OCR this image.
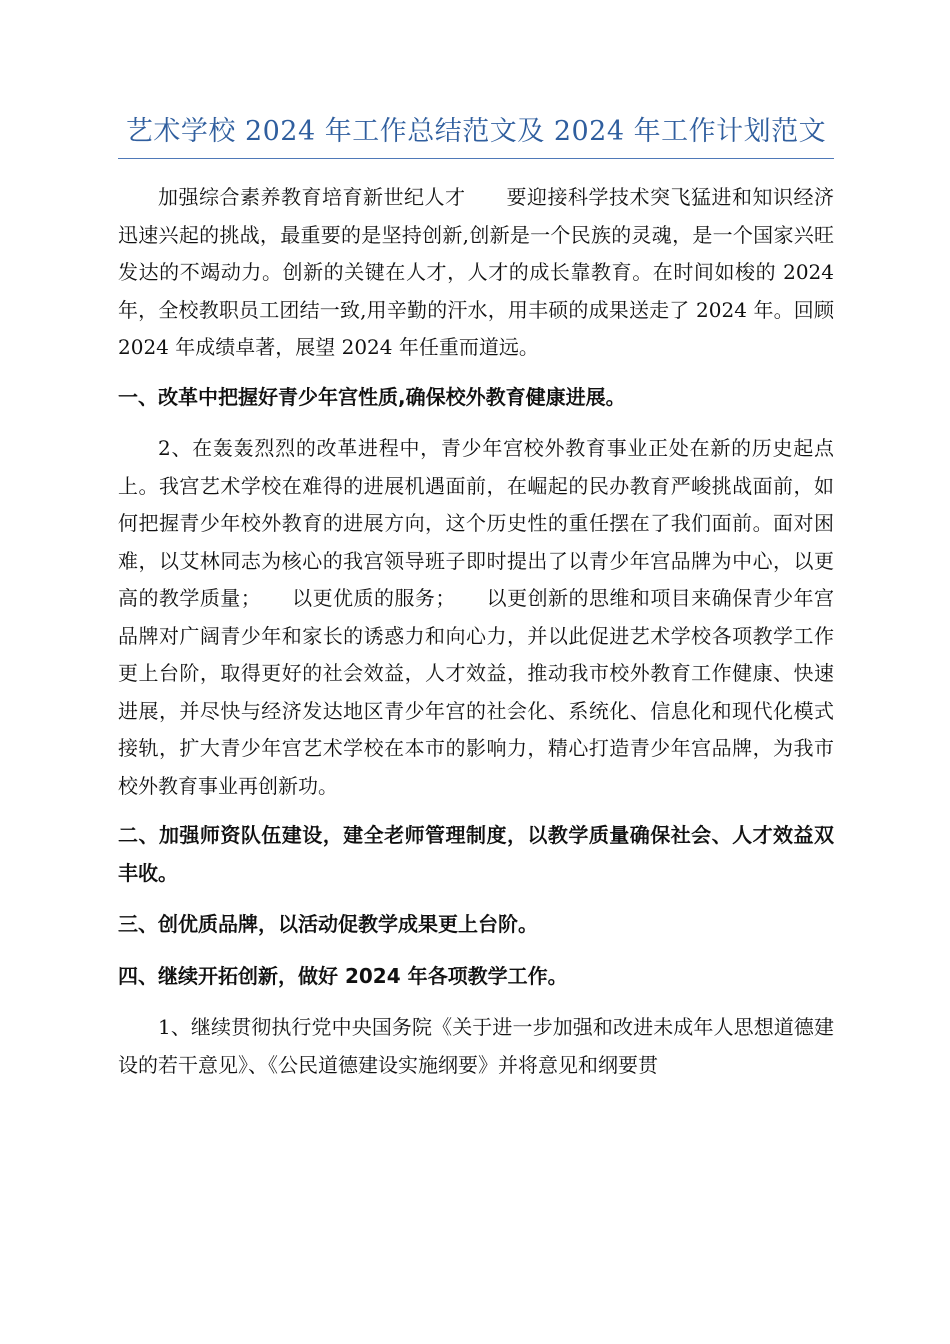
艺术学校 2024 年工作总结范文及 2024 年工作计划范文

加强综合素养教育培育新世纪人才　　要迎接科学技术突飞猛进和知识经济迅速兴起的挑战，最重要的是坚持创新,创新是一个民族的灵魂，是一个国家兴旺发达的不竭动力。创新的关键在人才，人才的成长靠教育。在时间如梭的 2024 年，全校教职员工团结一致,用辛勤的汗水，用丰硕的成果送走了 2024 年。回顾 2024 年成绩卓著，展望 2024 年任重而道远。

一、改革中把握好青少年宫性质,确保校外教育健康进展。

2、在轰轰烈烈的改革进程中，青少年宫校外教育事业正处在新的历史起点上。我宫艺术学校在难得的进展机遇面前，在崛起的民办教育严峻挑战面前，如何把握青少年校外教育的进展方向，这个历史性的重任摆在了我们面前。面对困难，以艾林同志为核心的我宫领导班子即时提出了以青少年宫品牌为中心，以更高的教学质量；　　以更优质的服务；　　以更创新的思维和项目来确保青少年宫品牌对广阔青少年和家长的诱惑力和向心力，并以此促进艺术学校各项教学工作更上台阶，取得更好的社会效益，人才效益，推动我市校外教育工作健康、快速进展，并尽快与经济发达地区青少年宫的社会化、系统化、信息化和现代化模式接轨，扩大青少年宫艺术学校在本市的影响力，精心打造青少年宫品牌，为我市校外教育事业再创新功。

二、加强师资队伍建设，建全老师管理制度，以教学质量确保社会、人才效益双丰收。
三、创优质品牌，以活动促教学成果更上台阶。
四、继续开拓创新，做好 2024 年各项教学工作。

1、继续贯彻执行党中央国务院《关于进一步加强和改进未成年人思想道德建设的若干意见》、《公民道德建设实施纲要》并将意见和纲要贯
